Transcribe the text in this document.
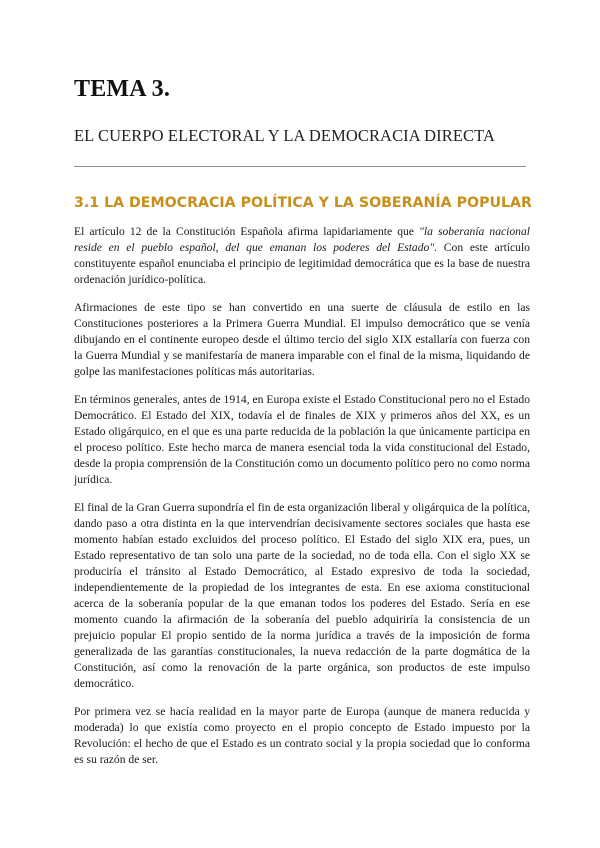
TEMA 3.
EL CUERPO ELECTORAL Y LA DEMOCRACIA DIRECTA
3.1 LA DEMOCRACIA POLÍTICA Y LA SOBERANÍA POPULAR

El artículo 12 de la Constitución Española afirma lapidariamente que "la soberanía nacional reside en el pueblo español, del que emanan los poderes del Estado". Con este artículo constituyente español enunciaba el principio de legitimidad democrática que es la base de nuestra ordenación jurídico-política.

Afirmaciones de este tipo se han convertido en una suerte de cláusula de estilo en las Constituciones posteriores a la Primera Guerra Mundial. El impulso democrático que se venía dibujando en el continente europeo desde el último tercio del siglo XIX estallaría con fuerza con la Guerra Mundial y se manifestaría de manera imparable con el final de la misma, liquidando de golpe las manifestaciones políticas más autoritarias.

En términos generales, antes de 1914, en Europa existe el Estado Constitucional pero no el Estado Democrático. El Estado del XIX, todavía el de finales de XIX y primeros años del XX, es un Estado oligárquico, en el que es una parte reducida de la población la que únicamente participa en el proceso político. Este hecho marca de manera esencial toda la vida constitucional del Estado, desde la propia comprensión de la Constitución como un documento político pero no como norma jurídica.

El final de la Gran Guerra supondría el fin de esta organización liberal y oligárquica de la política, dando paso a otra distinta en la que intervendrían decisivamente sectores sociales que hasta ese momento habían estado excluidos del proceso político. El Estado del siglo XIX era, pues, un Estado representativo de tan solo una parte de la sociedad, no de toda ella. Con el siglo XX se produciría el tránsito al Estado Democrático, al Estado expresivo de toda la sociedad, independientemente de la propiedad de los integrantes de esta. En ese axioma constitucional acerca de la soberanía popular de la que emanan todos los poderes del Estado. Sería en ese momento cuando la afirmación de la soberanía del pueblo adquiriría la consistencia de un prejuicio popular El propio sentido de la norma jurídica a través de la imposición de forma generalizada de las garantías constitucionales, la nueva redacción de la parte dogmática de la Constitución, así como la renovación de la parte orgánica, son productos de este impulso democrático.

Por primera vez se hacía realidad en la mayor parte de Europa (aunque de manera reducida y moderada) lo que existía como proyecto en el propio concepto de Estado impuesto por la Revolución: el hecho de que el Estado es un contrato social y la propia sociedad que lo conforma es su razón de ser.
